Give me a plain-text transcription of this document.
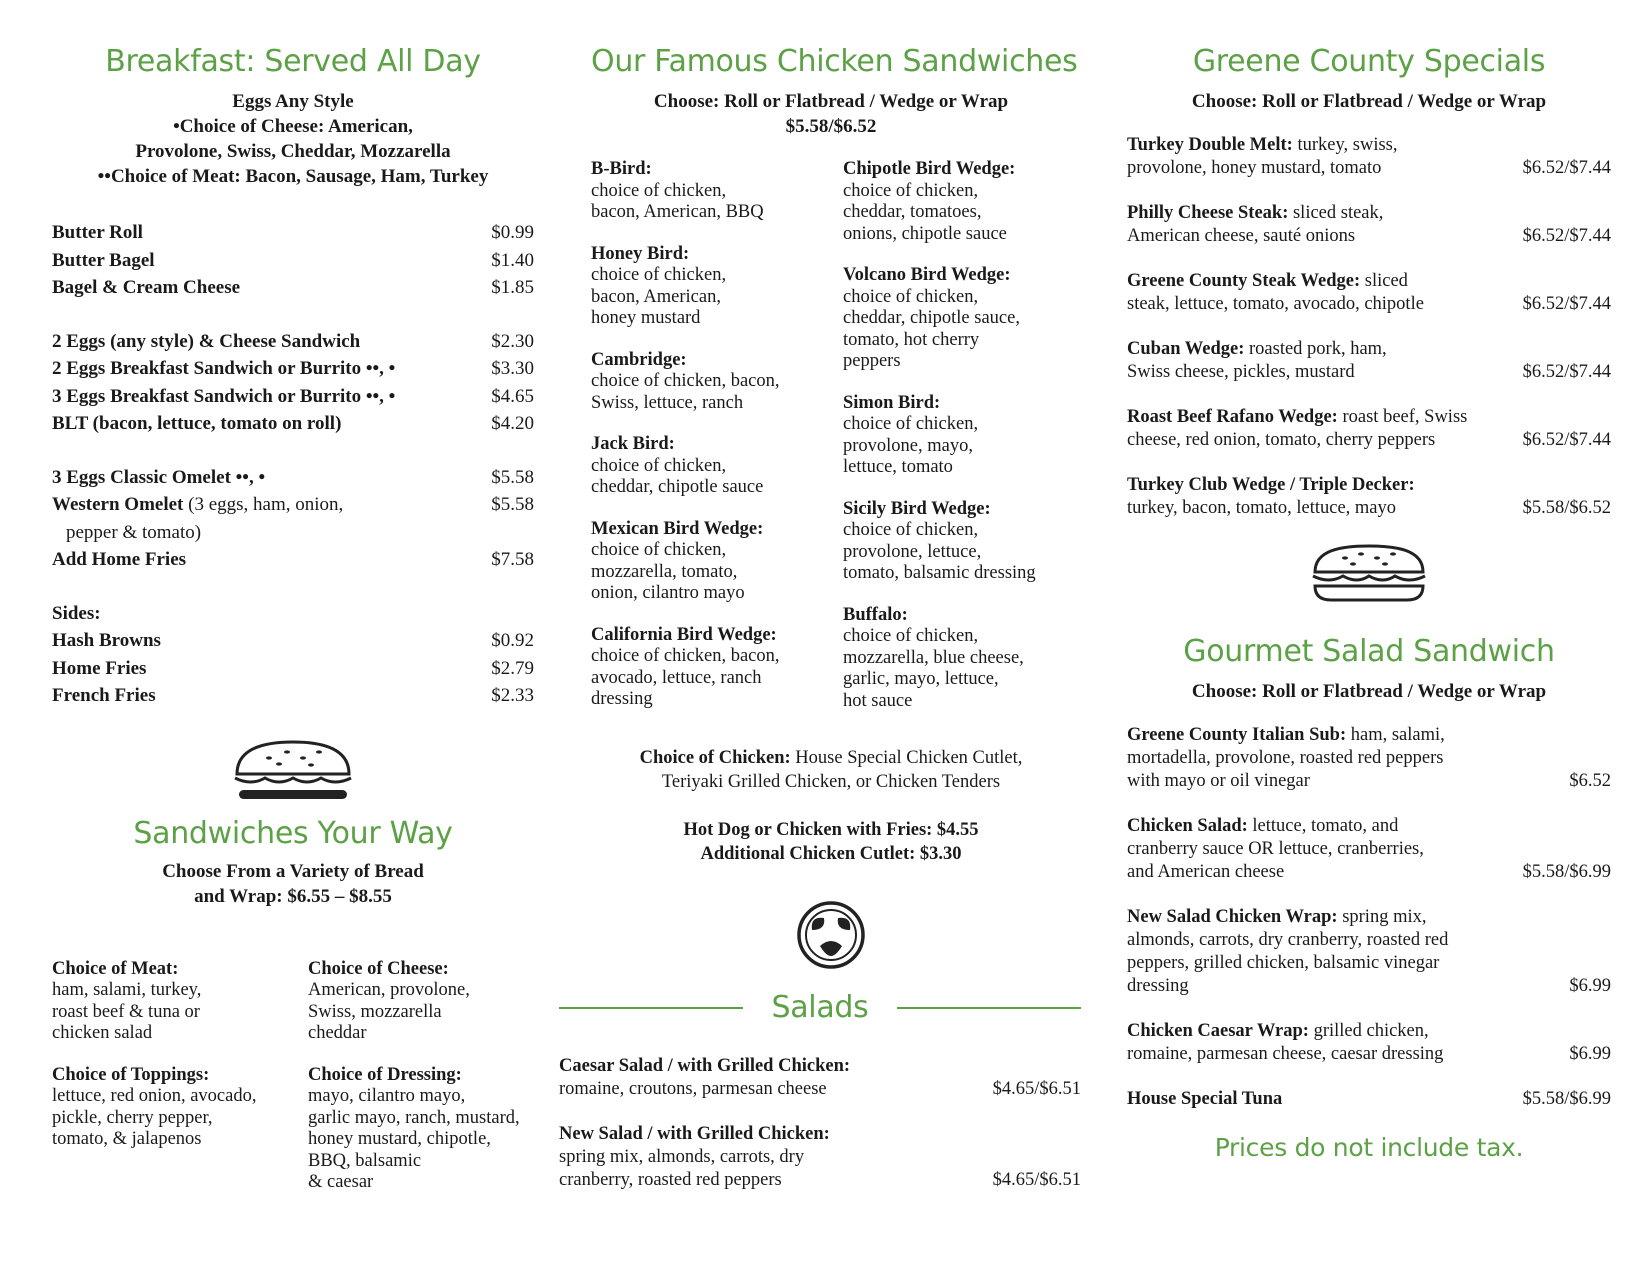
Breakfast: Served All Day
Eggs Any Style
•Choice of Cheese: American,
Provolone, Swiss, Cheddar, Mozzarella
••Choice of Meat: Bacon, Sausage, Ham, Turkey
Butter Roll	$0.99
Butter Bagel	$1.40
Bagel & Cream Cheese	$1.85
2 Eggs (any style) & Cheese Sandwich	$2.30
2 Eggs Breakfast Sandwich or Burrito ••, •	$3.30
3 Eggs Breakfast Sandwich or Burrito ••, •	$4.65
BLT (bacon, lettuce, tomato on roll)	$4.20
3 Eggs Classic Omelet ••, •	$5.58
Western Omelet (3 eggs, ham, onion,	$5.58
pepper & tomato)
Add Home Fries	$7.58
Sides:
Hash Browns	$0.92
Home Fries	$2.79
French Fries	$2.33
Sandwiches Your Way
Choose From a Variety of Bread
and Wrap: $6.55 – $8.55
Choice of Meat:
ham, salami, turkey,
roast beef & tuna or
chicken salad
Choice of Toppings:
lettuce, red onion, avocado,
pickle, cherry pepper,
tomato, & jalapenos
Choice of Cheese:
American, provolone,
Swiss, mozzarella
cheddar
Choice of Dressing:
mayo, cilantro mayo,
garlic mayo, ranch, mustard,
honey mustard, chipotle,
BBQ, balsamic
& caesar
Our Famous Chicken Sandwiches
Choose: Roll or Flatbread / Wedge or Wrap
$5.58/$6.52
B-Bird:
choice of chicken,
bacon, American, BBQ
Honey Bird:
choice of chicken,
bacon, American,
honey mustard
Cambridge:
choice of chicken, bacon,
Swiss, lettuce, ranch
Jack Bird:
choice of chicken,
cheddar, chipotle sauce
Mexican Bird Wedge:
choice of chicken,
mozzarella, tomato,
onion, cilantro mayo
California Bird Wedge:
choice of chicken, bacon,
avocado, lettuce, ranch
dressing
Chipotle Bird Wedge:
choice of chicken,
cheddar, tomatoes,
onions, chipotle sauce
Volcano Bird Wedge:
choice of chicken,
cheddar, chipotle sauce,
tomato, hot cherry
peppers
Simon Bird:
choice of chicken,
provolone, mayo,
lettuce, tomato
Sicily Bird Wedge:
choice of chicken,
provolone, lettuce,
tomato, balsamic dressing
Buffalo:
choice of chicken,
mozzarella, blue cheese,
garlic, mayo, lettuce,
hot sauce
Choice of Chicken: House Special Chicken Cutlet,
Teriyaki Grilled Chicken, or Chicken Tenders
Hot Dog or Chicken with Fries: $4.55
Additional Chicken Cutlet: $3.30
Salads
Caesar Salad / with Grilled Chicken:
romaine, croutons, parmesan cheese	$4.65/$6.51
New Salad / with Grilled Chicken:
spring mix, almonds, carrots, dry
cranberry, roasted red peppers	$4.65/$6.51
Greene County Specials
Choose: Roll or Flatbread / Wedge or Wrap
Turkey Double Melt: turkey, swiss,
provolone, honey mustard, tomato	$6.52/$7.44
Philly Cheese Steak: sliced steak,
American cheese, sauté onions	$6.52/$7.44
Greene County Steak Wedge: sliced
steak, lettuce, tomato, avocado, chipotle	$6.52/$7.44
Cuban Wedge: roasted pork, ham,
Swiss cheese, pickles, mustard	$6.52/$7.44
Roast Beef Rafano Wedge: roast beef, Swiss
cheese, red onion, tomato, cherry peppers	$6.52/$7.44
Turkey Club Wedge / Triple Decker:
turkey, bacon, tomato, lettuce, mayo	$5.58/$6.52
Gourmet Salad Sandwich
Choose: Roll or Flatbread / Wedge or Wrap
Greene County Italian Sub: ham, salami,
mortadella, provolone, roasted red peppers
with mayo or oil vinegar	$6.52
Chicken Salad: lettuce, tomato, and
cranberry sauce OR lettuce, cranberries,
and American cheese	$5.58/$6.99
New Salad Chicken Wrap: spring mix,
almonds, carrots, dry cranberry, roasted red
peppers, grilled chicken, balsamic vinegar
dressing	$6.99
Chicken Caesar Wrap: grilled chicken,
romaine, parmesan cheese, caesar dressing	$6.99
House Special Tuna	$5.58/$6.99
Prices do not include tax.
